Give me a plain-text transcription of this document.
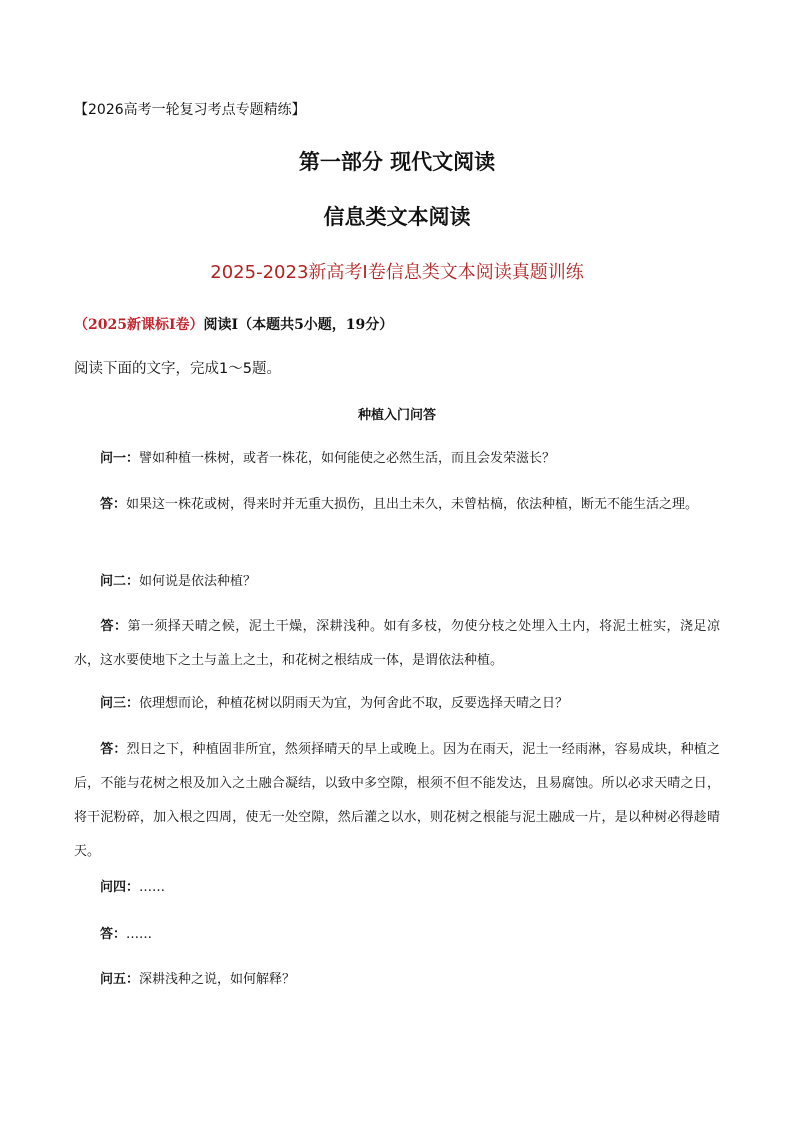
【2026高考一轮复习考点专题精练】
第一部分 现代文阅读
信息类文本阅读
2025-2023新高考Ⅰ卷信息类文本阅读真题训练
（2025新课标Ⅰ卷）阅读Ⅰ（本题共5小题，19分）
阅读下面的文字，完成1～5题。
种植入门问答
问一：譬如种植一株树，或者一株花，如何能使之必然生活，而且会发荣滋长？
答：如果这一株花或树，得来时并无重大损伤，且出土未久，未曾枯槁，依法种植，断无不能生活之理。
问二：如何说是依法种植？
答：第一须择天晴之候，泥土干燥，深耕浅种。如有多枝，勿使分枝之处埋入土内，将泥土桩实，浇足凉水，这水要使地下之土与盖上之土，和花树之根结成一体，是谓依法种植。
问三：依理想而论，种植花树以阴雨天为宜，为何舍此不取，反要选择天晴之日？
答：烈日之下，种植固非所宜，然须择晴天的早上或晚上。因为在雨天，泥土一经雨淋，容易成块，种植之后，不能与花树之根及加入之土融合凝结，以致中多空隙，根须不但不能发达，且易腐蚀。所以必求天晴之日，将干泥粉碎，加入根之四周，使无一处空隙，然后灌之以水，则花树之根能与泥土融成一片，是以种树必得趁晴天。
问四：……
答：……
问五：深耕浅种之说，如何解释？
